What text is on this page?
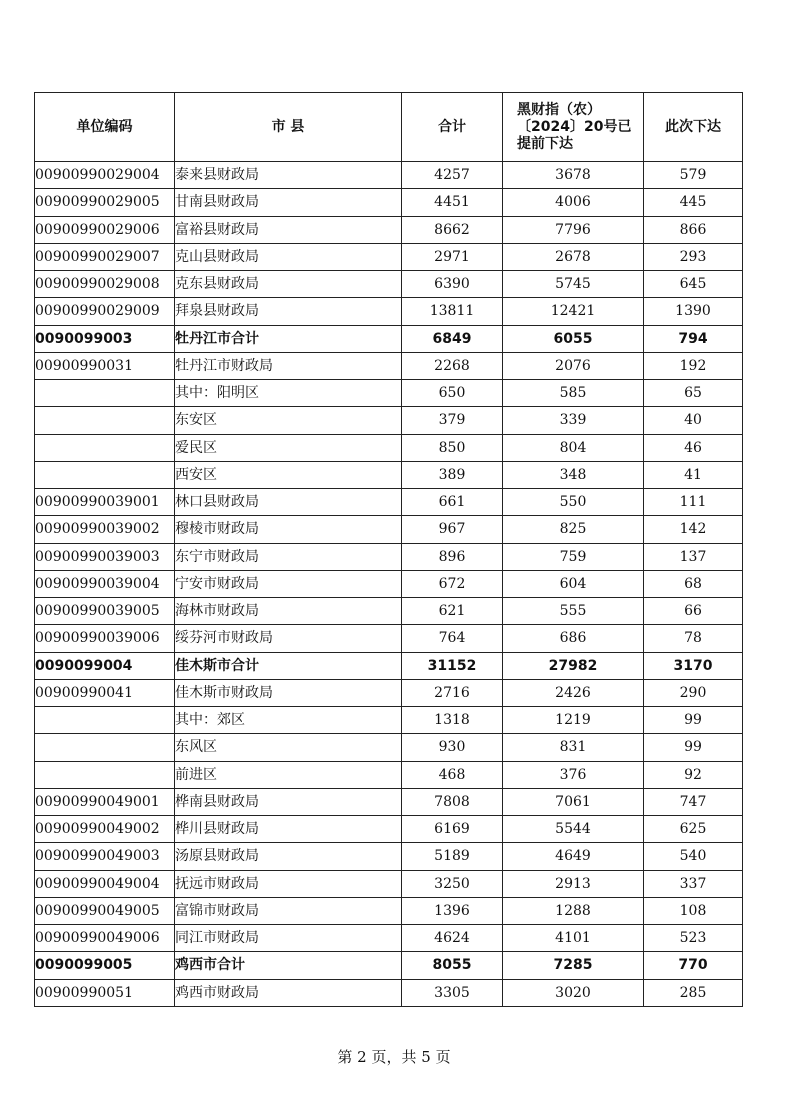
单位编码	市 县	合计	黑财指（农）〔2024〕20号已提前下达	此次下达
00900990029004	泰来县财政局	4257	3678	579
00900990029005	甘南县财政局	4451	4006	445
00900990029006	富裕县财政局	8662	7796	866
00900990029007	克山县财政局	2971	2678	293
00900990029008	克东县财政局	6390	5745	645
00900990029009	拜泉县财政局	13811	12421	1390
0090099003	牡丹江市合计	6849	6055	794
00900990031	牡丹江市财政局	2268	2076	192
	其中：阳明区	650	585	65
	东安区	379	339	40
	爱民区	850	804	46
	西安区	389	348	41
00900990039001	林口县财政局	661	550	111
00900990039002	穆棱市财政局	967	825	142
00900990039003	东宁市财政局	896	759	137
00900990039004	宁安市财政局	672	604	68
00900990039005	海林市财政局	621	555	66
00900990039006	绥芬河市财政局	764	686	78
0090099004	佳木斯市合计	31152	27982	3170
00900990041	佳木斯市财政局	2716	2426	290
	其中：郊区	1318	1219	99
	东风区	930	831	99
	前进区	468	376	92
00900990049001	桦南县财政局	7808	7061	747
00900990049002	桦川县财政局	6169	5544	625
00900990049003	汤原县财政局	5189	4649	540
00900990049004	抚远市财政局	3250	2913	337
00900990049005	富锦市财政局	1396	1288	108
00900990049006	同江市财政局	4624	4101	523
0090099005	鸡西市合计	8055	7285	770
00900990051	鸡西市财政局	3305	3020	285
第 2 页，共 5 页
